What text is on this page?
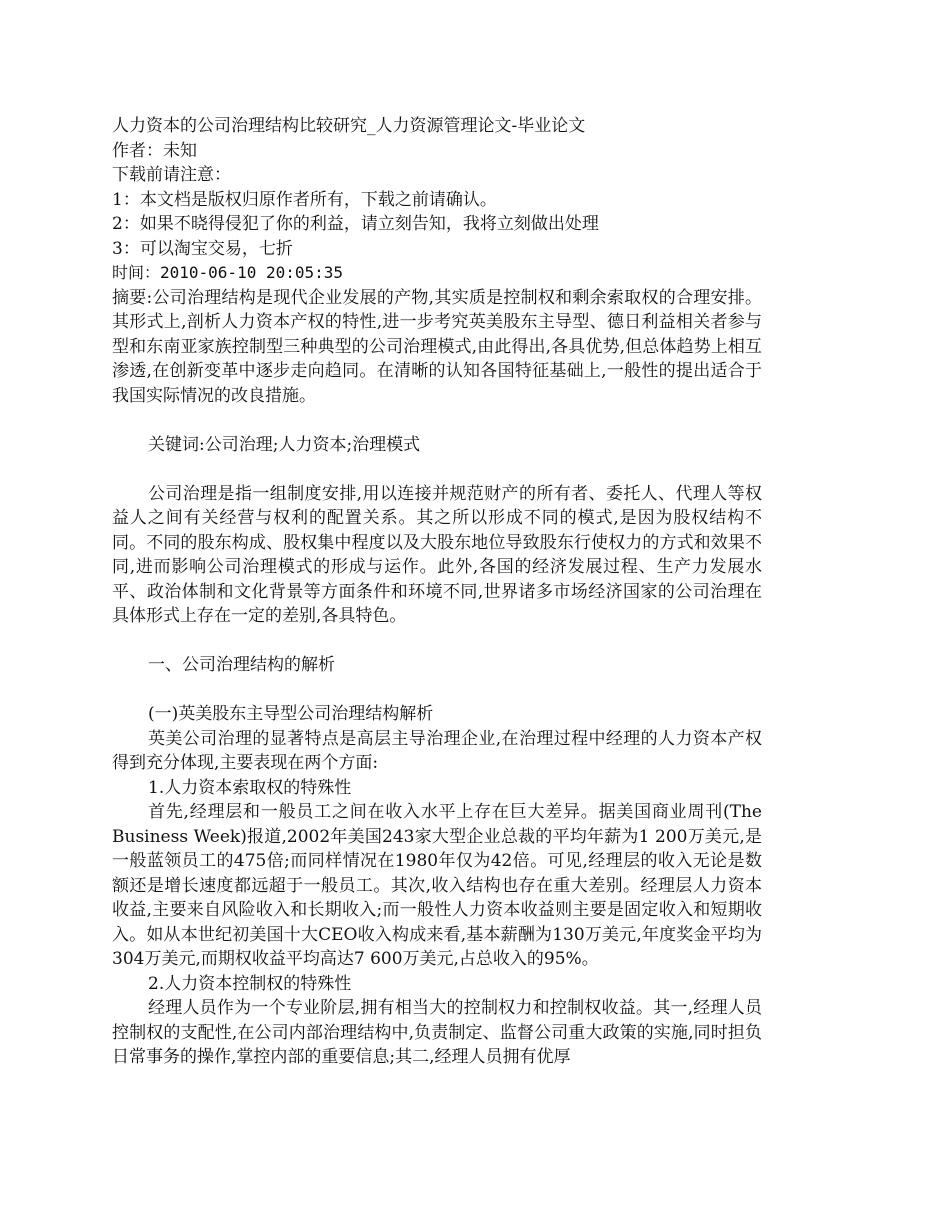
人力资本的公司治理结构比较研究_人力资源管理论文-毕业论文
作者：未知
下载前请注意：
1：本文档是版权归原作者所有，下载之前请确认。
2：如果不晓得侵犯了你的利益，请立刻告知，我将立刻做出处理
3：可以淘宝交易，七折
时间：2010-06-10 20:05:35

摘要:公司治理结构是现代企业发展的产物,其实质是控制权和剩余索取权的合理安排。其形式上,剖析人力资本产权的特性,进一步考究英美股东主导型、德日利益相关者参与型和东南亚家族控制型三种典型的公司治理模式,由此得出,各具优势,但总体趋势上相互渗透,在创新变革中逐步走向趋同。在清晰的认知各国特征基础上,一般性的提出适合于我国实际情况的改良措施。

关键词:公司治理;人力资本;治理模式

公司治理是指一组制度安排,用以连接并规范财产的所有者、委托人、代理人等权益人之间有关经营与权利的配置关系。其之所以形成不同的模式,是因为股权结构不同。不同的股东构成、股权集中程度以及大股东地位导致股东行使权力的方式和效果不同,进而影响公司治理模式的形成与运作。此外,各国的经济发展过程、生产力发展水平、政治体制和文化背景等方面条件和环境不同,世界诸多市场经济国家的公司治理在具体形式上存在一定的差别,各具特色。

一、公司治理结构的解析

(一)英美股东主导型公司治理结构解析

英美公司治理的显著特点是高层主导治理企业,在治理过程中经理的人力资本产权得到充分体现,主要表现在两个方面:

1.人力资本索取权的特殊性

首先,经理层和一般员工之间在收入水平上存在巨大差异。据美国商业周刊(The Business Week)报道,2002年美国243家大型企业总裁的平均年薪为1 200万美元,是一般蓝领员工的475倍;而同样情况在1980年仅为42倍。可见,经理层的收入无论是数额还是增长速度都远超于一般员工。其次,收入结构也存在重大差别。经理层人力资本收益,主要来自风险收入和长期收入;而一般性人力资本收益则主要是固定收入和短期收入。如从本世纪初美国十大CEO收入构成来看,基本薪酬为130万美元,年度奖金平均为304万美元,而期权收益平均高达7 600万美元,占总收入的95%。

2.人力资本控制权的特殊性

经理人员作为一个专业阶层,拥有相当大的控制权力和控制权收益。其一,经理人员控制权的支配性,在公司内部治理结构中,负责制定、监督公司重大政策的实施,同时担负日常事务的操作,掌控内部的重要信息;其二,经理人员拥有优厚
